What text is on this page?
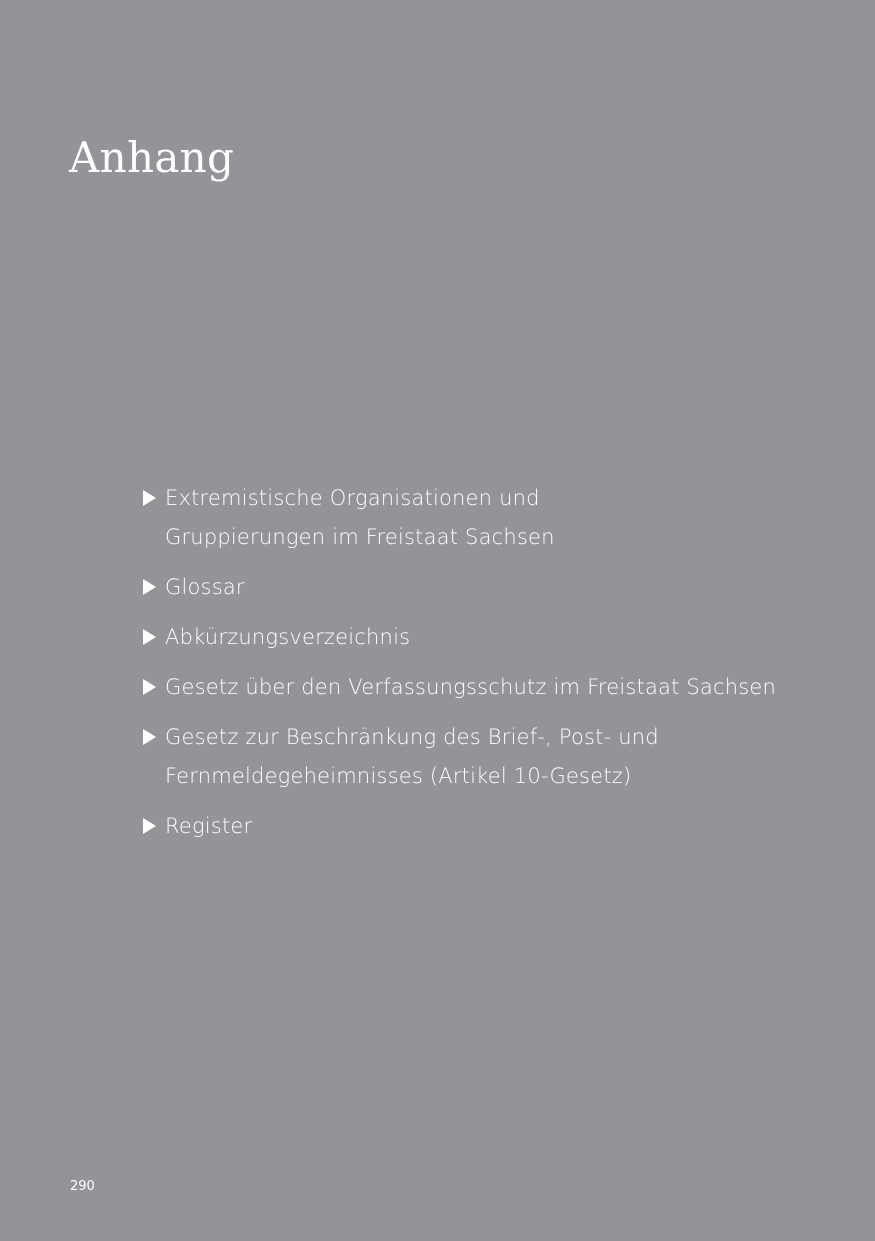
Anhang
Extremistische Organisationen und
Gruppierungen im Freistaat Sachsen
Glossar
Abkürzungsverzeichnis
Gesetz über den Verfassungsschutz im Freistaat Sachsen
Gesetz zur Beschränkung des Brief-, Post- und
Fernmeldegeheimnisses (Artikel 10-Gesetz)
Register
290
